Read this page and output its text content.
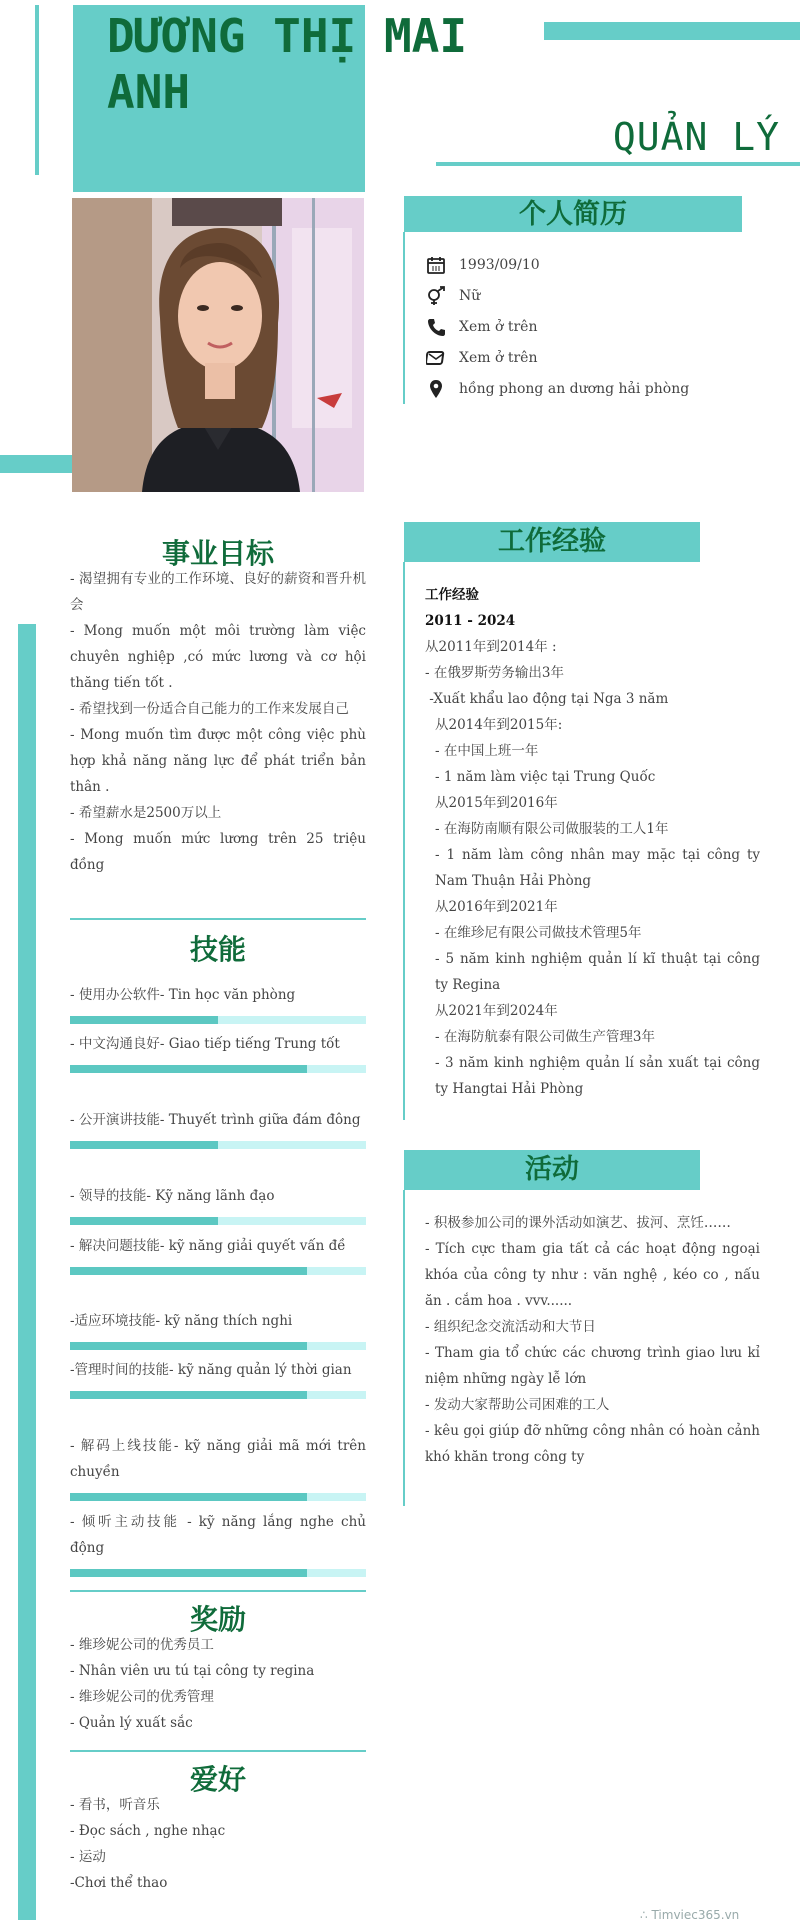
DƯƠNG THỊ MAI
ANH
QUẢN LÝ
个人简历
1993/09/10
Nữ
Xem ở trên
Xem ở trên
hồng phong an dương hải phòng
事业目标

- 渴望拥有专业的工作环境、良好的薪资和晋升机会

- Mong muốn một môi trường làm việc chuyên nghiệp ,có mức lương và cơ hội thăng tiến tốt .

- 希望找到一份适合自己能力的工作来发展自己

- Mong muốn tìm được một công việc phù hợp khả năng năng lực để phát triển bản thân .

- 希望薪水是2500万以上

- Mong muốn mức lương trên 25 triệu đồng

技能
- 使用办公软件- Tin học văn phòng
- 中文沟通良好- Giao tiếp tiếng Trung tốt
- 公开演讲技能- Thuyết trình giữa đám đông
- 领导的技能- Kỹ năng lãnh đạo
- 解决问题技能- kỹ năng giải quyết vấn đề
-适应环境技能- kỹ năng thích nghi
-管理时间的技能- kỹ năng quản lý thời gian
- 解码上线技能- kỹ năng giải mã mới trên chuyền
- 倾听主动技能 - kỹ năng lắng nghe chủ động
奖励

- 维珍妮公司的优秀员工

- Nhân viên ưu tú tại công ty regina

- 维珍妮公司的优秀管理

- Quản lý xuất sắc

爱好

- 看书，听音乐

- Đọc sách , nghe nhạc

- 运动

-Chơi thể thao

工作经验

工作经验

2011 - 2024

从2011年到2014年 :

- 在俄罗斯劳务输出3年

-Xuất khẩu lao động tại Nga 3 năm

从2014年到2015年:

- 在中国上班一年

- 1 năm làm việc tại Trung Quốc

从2015年到2016年

- 在海防南顺有限公司做服装的工人1年

- 1 năm làm công nhân may mặc tại công ty Nam Thuận Hải Phòng

从2016年到2021年

- 在维珍尼有限公司做技术管理5年

- 5 năm kinh nghiệm quản lí kĩ thuật tại công ty Regina

从2021年到2024年

- 在海防航泰有限公司做生产管理3年

- 3 năm kinh nghiệm quản lí sản xuất tại công ty Hangtai Hải Phòng

活动

- 积极参加公司的课外活动如演艺、拔河、烹饪……

- Tích cực tham gia tất cả các hoạt động ngoại khóa của công ty như : văn nghệ , kéo co , nấu ăn . cắm hoa . vvv......

- 组织纪念交流活动和大节日

- Tham gia tổ chức các chương trình giao lưu kỉ niệm những ngày lễ lớn

- 发动大家帮助公司困难的工人

- kêu gọi giúp đỡ những công nhân có hoàn cảnh khó khăn trong công ty

∴ Timviec365.vn
